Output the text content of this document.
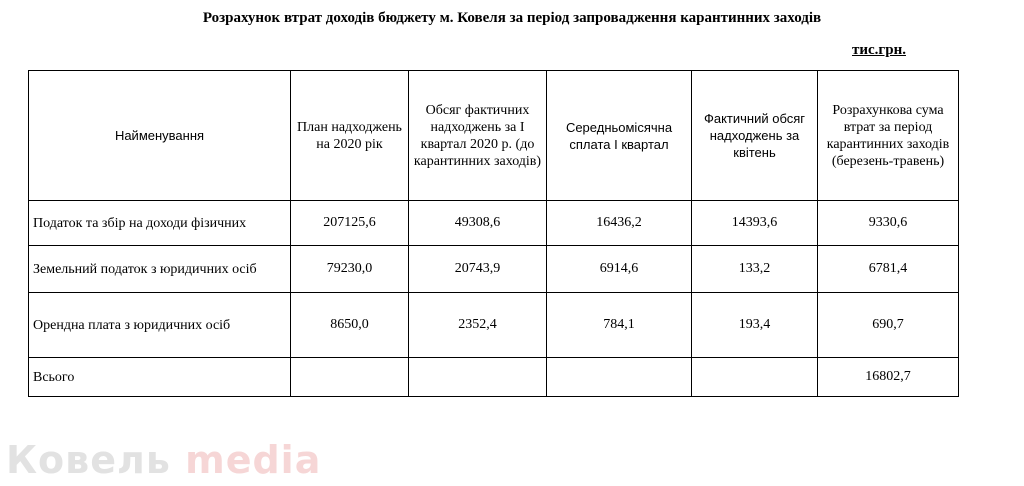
Розрахунок втрат доходів бюджету м. Ковеля за період запровадження карантинних заходів
тис.грн.
Найменування	План надходжень на 2020 рік	Обсяг фактичних надходжень за І квартал 2020 р. (до карантинних заходів)	Середньомісячна сплата І квартал	Фактичний обсяг надходжень за квітень	Розрахункова сума втрат за період карантинних заходів (березень-травень)
Податок та збір на доходи фізичних	207125,6	49308,6	16436,2	14393,6	9330,6
Земельний податок з юридичних осіб	79230,0	20743,9	6914,6	133,2	6781,4
Орендна плата з юридичних осіб	8650,0	2352,4	784,1	193,4	690,7
Всього					16802,7
Ковель media
